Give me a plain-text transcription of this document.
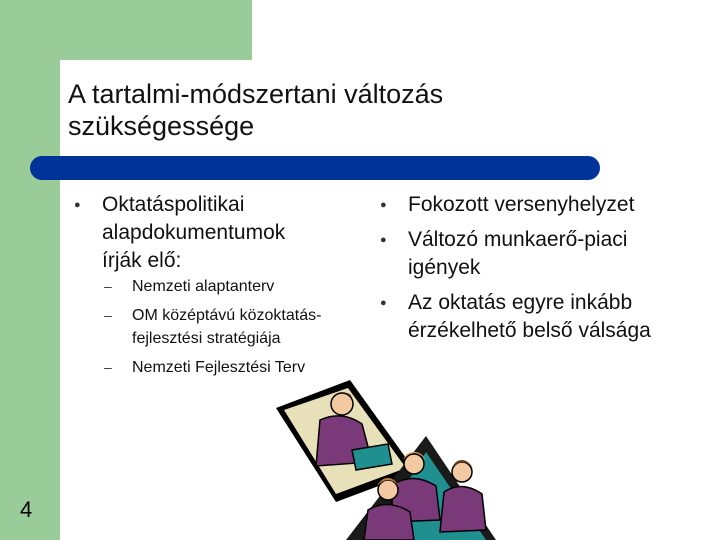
A tartalmi-módszertani változás
szükségessége
● Oktatáspolitikai alapdokumentumok írják elő:
– Nemzeti alaptanterv
– OM középtávú közoktatás-fejlesztési stratégiája
– Nemzeti Fejlesztési Terv
● Fokozott versenyhelyzet
● Változó munkaerő-piaci igények
● Az oktatás egyre inkább érzékelhető belső válsága
4
